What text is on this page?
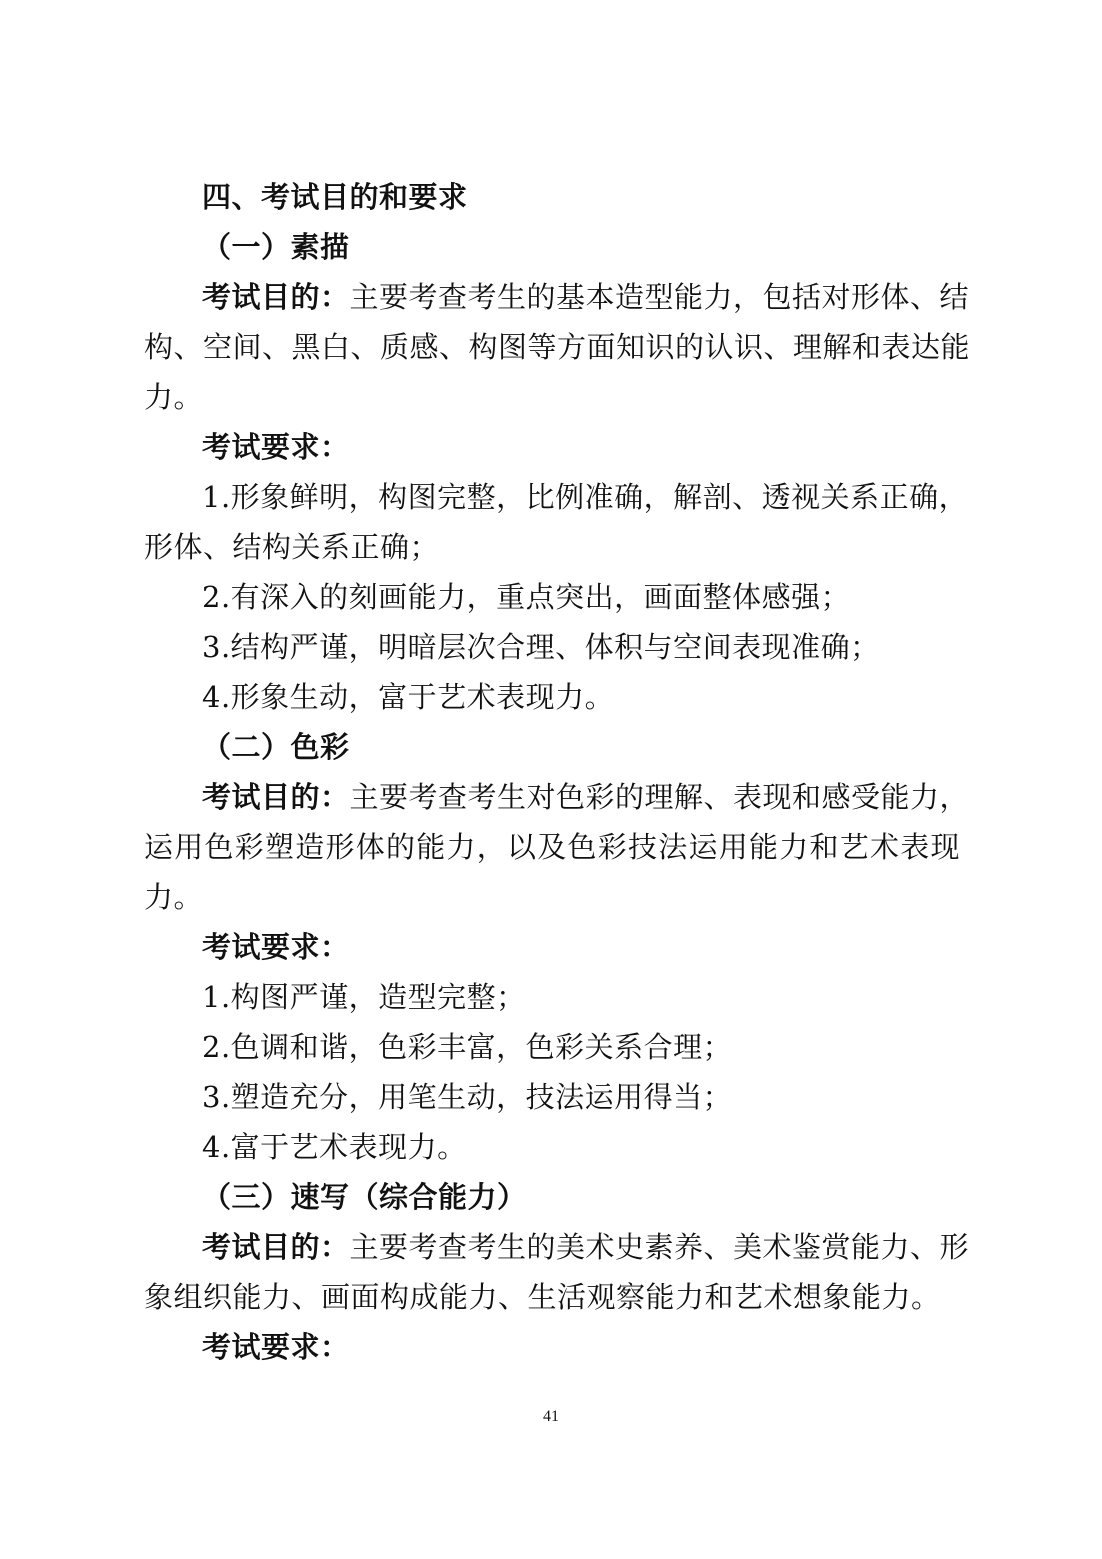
四、考试目的和要求
（一）素描
考试目的：主要考查考生的基本造型能力，包括对形体、结
构、空间、黑白、质感、构图等方面知识的认识、理解和表达能
力。
考试要求：
1.形象鲜明，构图完整，比例准确，解剖、透视关系正确，
形体、结构关系正确；
2.有深入的刻画能力，重点突出，画面整体感强；
3.结构严谨，明暗层次合理、体积与空间表现准确；
4.形象生动，富于艺术表现力。
（二）色彩
考试目的：主要考查考生对色彩的理解、表现和感受能力，
运用色彩塑造形体的能力，以及色彩技法运用能力和艺术表现
力。
考试要求：
1.构图严谨，造型完整；
2.色调和谐，色彩丰富，色彩关系合理；
3.塑造充分，用笔生动，技法运用得当；
4.富于艺术表现力。
（三）速写（综合能力）
考试目的：主要考查考生的美术史素养、美术鉴赏能力、形
象组织能力、画面构成能力、生活观察能力和艺术想象能力。
考试要求：
41
